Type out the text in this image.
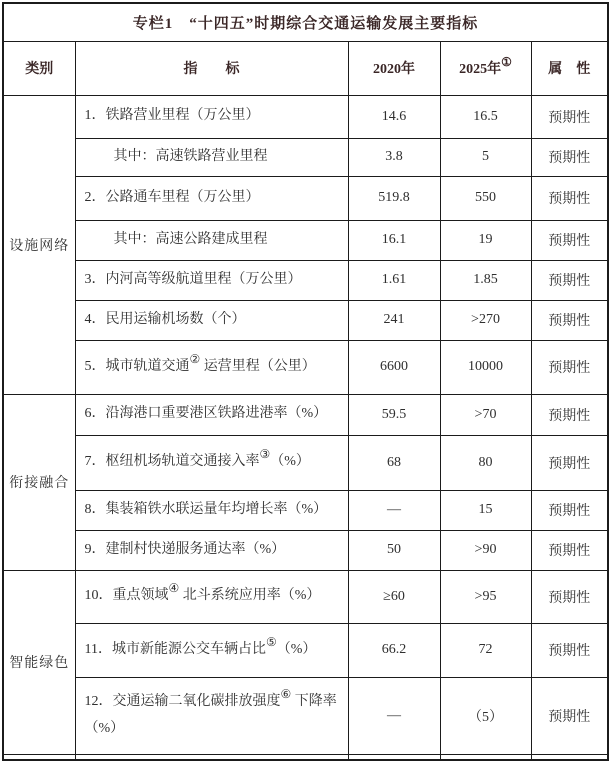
专栏1　“十四五”时期综合交通运输发展主要指标				
类别	指　　标	2020年	2025年①	属　性
设施网络	1．铁路营业里程（万公里）	14.6	16.5	预期性
	其中：高速铁路营业里程	3.8	5	预期性
	2．公路通车里程（万公里）	519.8	550	预期性
	其中：高速公路建成里程	16.1	19	预期性
	3．内河高等级航道里程（万公里）	1.61	1.85	预期性
	4．民用运输机场数（个）	241	>270	预期性
	5．城市轨道交通② 运营里程（公里）	6600	10000	预期性
衔接融合	6．沿海港口重要港区铁路进港率（%）	59.5	>70	预期性
	7．枢纽机场轨道交通接入率③（%）	68	80	预期性
	8．集装箱铁水联运量年均增长率（%）	—	15	预期性
	9．建制村快递服务通达率（%）	50	>90	预期性
智能绿色	10．重点领域④ 北斗系统应用率（%）	≥60	>95	预期性
	11．城市新能源公交车辆占比⑤（%）	66.2	72	预期性
	12．交通运输二氧化碳排放强度⑥ 下降率（%）	—	（5）	预期性
